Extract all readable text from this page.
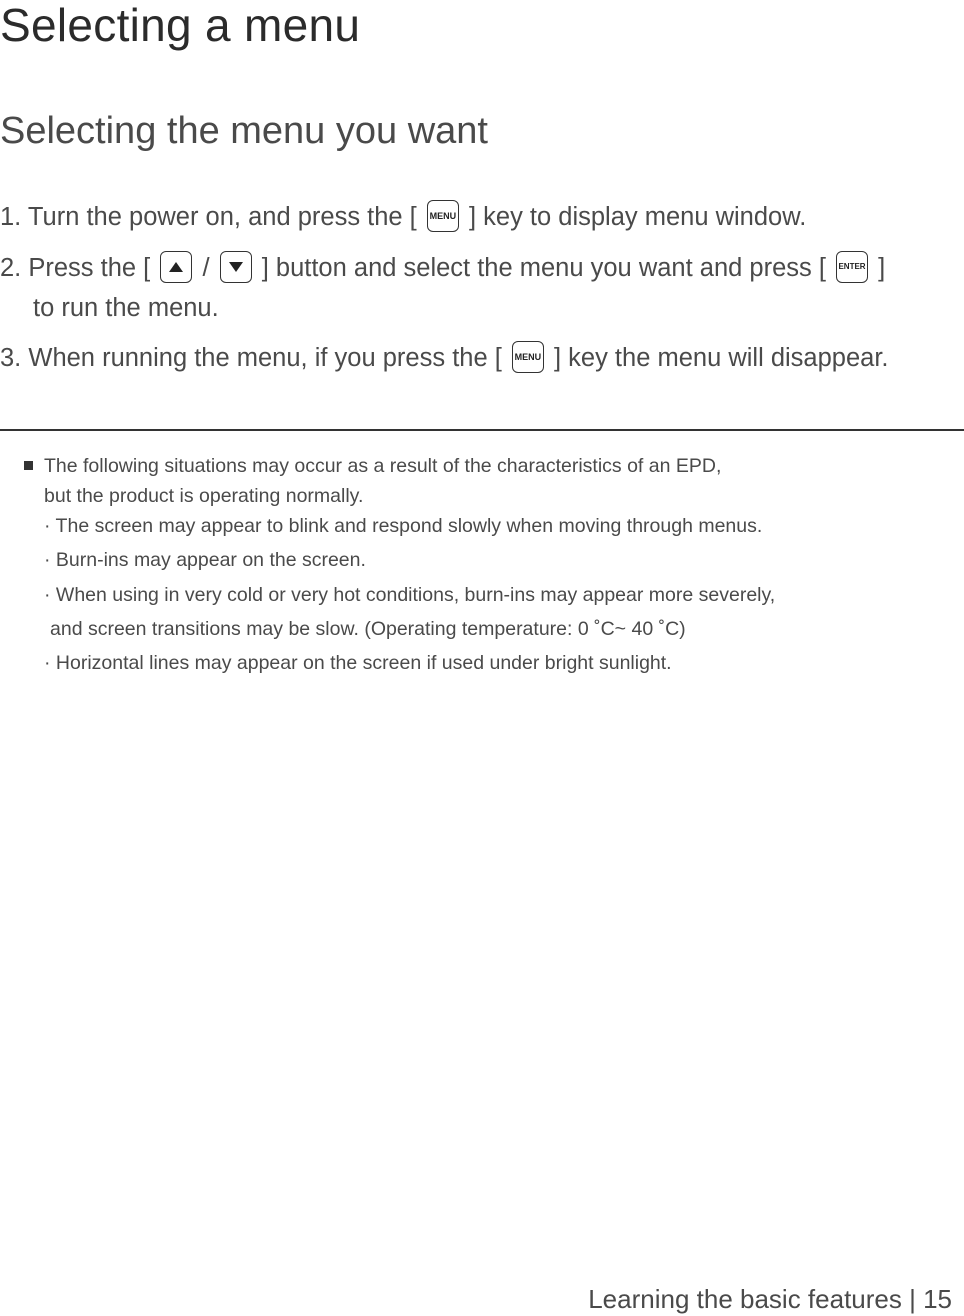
Selecting a menu
Selecting the menu you want
1. Turn the power on, and press the [ MENU ] key to display menu window.
2. Press the [ / ] button and select the menu you want and press [ ENTER ]
to run the menu.
3. When running the menu, if you press the [ MENU ] key the menu will disappear.
The following situations may occur as a result of the characteristics of an EPD,
but the product is operating normally.
· The screen may appear to blink and respond slowly when moving through menus.
· Burn-ins may appear on the screen.
· When using in very cold or very hot conditions, burn-ins may appear more severely,
and screen transitions may be slow. (Operating temperature: 0 ˚C~ 40 ˚C)
· Horizontal lines may appear on the screen if used under bright sunlight.
Learning the basic features | 15
